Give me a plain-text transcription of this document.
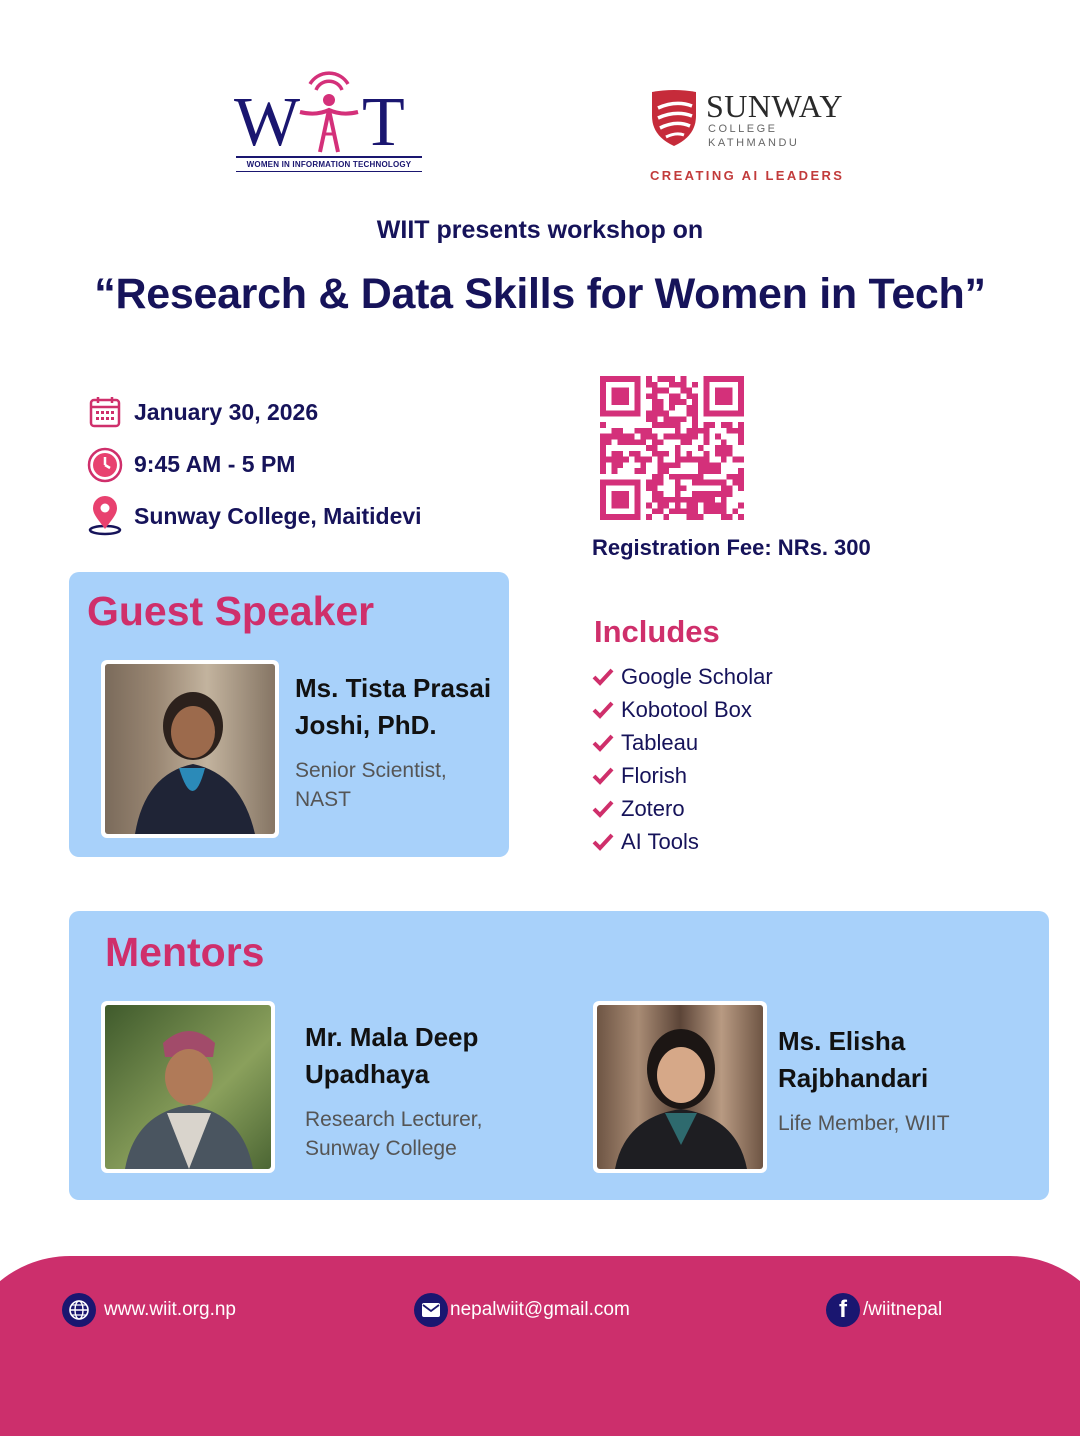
W T
WOMEN IN INFORMATION TECHNOLOGY
SUNWAY
COLLEGE
KATHMANDU
CREATING AI LEADERS
WIIT presents workshop on
“Research & Data Skills for Women in Tech”
January 30, 2026
9:45 AM - 5 PM
Sunway College, Maitidevi
Registration Fee: NRs. 300
Includes
Google Scholar
Kobotool Box
Tableau
Florish
Zotero
AI Tools
Guest Speaker
Ms. Tista Prasai
Joshi, PhD.
Senior Scientist,
NAST
Mentors
Mr. Mala Deep
Upadhaya
Research Lecturer,
Sunway College
Ms. Elisha
Rajbhandari
Life Member, WIIT
www.wiit.org.np	nepalwiit@gmail.com	f /wiitnepal
